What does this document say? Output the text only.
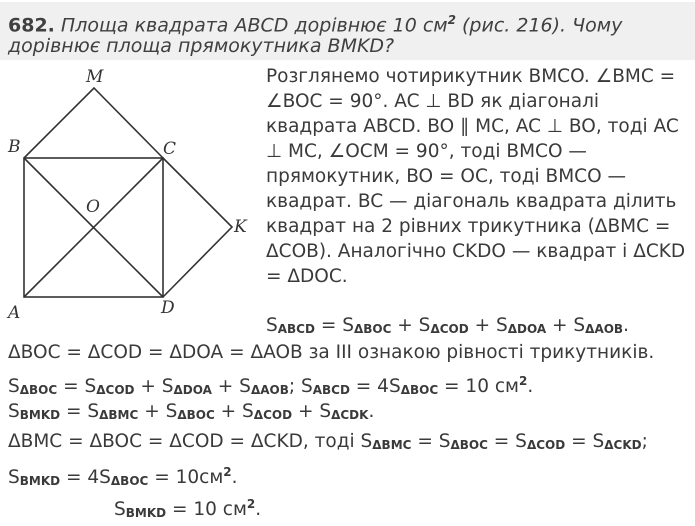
682. Площа квадрата ABCD дорівнює 10 $см^2$ (рис. 216). Чому
дорівнює площа прямокутника BMKD?
M
B	C
O
K
A	D
Розглянемо чотирикутник BMCO. ∠BMC = ∠BOC = 90°. AC ⊥ BD як діагоналі квадрата ABCD. BO ∥ MC, AC ⊥ BO, тоді AC ⊥ MC, ∠OCM = 90°, тоді BMCO — прямокутник, BO = OC, тоді BMCO — квадрат. BC — діагональ квадрата ділить квадрат на 2 рівних трикутника (ΔBMC = ΔCOB). Аналогічно CKDO — квадрат і ΔCKD = ΔDOC.
SABCD = SΔBOC + SΔCOD + SΔDOA + SΔAOB.
ΔBOC = ΔCOD = ΔDOA = ΔAOB за III ознакою рівності трикутників.
SΔBOC = SΔCOD + SΔDOA + SΔAOB; SABCD = 4SΔBOC = 10 $см^2$.
SBMKD = SΔBMC + SΔBOC + SΔCOD + SΔCDK.
ΔBMC = ΔBOC = ΔCOD = ΔCKD, тоді SΔBMC = SΔBOC = SΔCOD = SΔCKD;
SBMKD = $4S\Delta BOC = 10см^2$.
SBMKD = 10 $см^2$.
